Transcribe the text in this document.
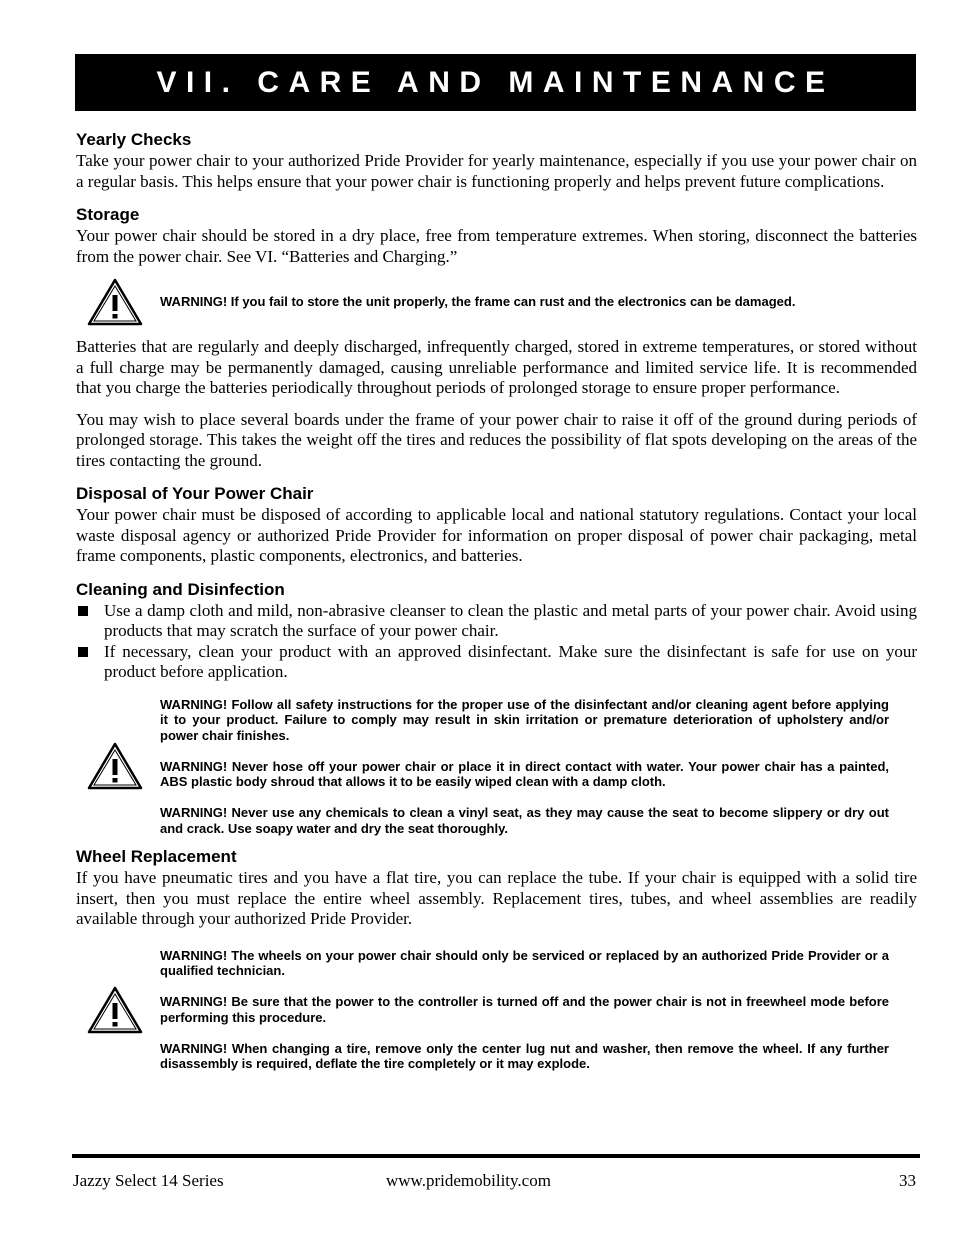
VII. CARE AND MAINTENANCE
Yearly Checks

Take your power chair to your authorized Pride Provider for yearly maintenance, especially if you use your power chair on a regular basis. This helps ensure that your power chair is functioning properly and helps prevent future complications.

Storage

Your power chair should be stored in a dry place, free from temperature extremes. When storing, disconnect the batteries from the power chair. See VI. “Batteries and Charging.”

WARNING! If you fail to store the unit properly, the frame can rust and the electronics can be damaged.

Batteries that are regularly and deeply discharged, infrequently charged, stored in extreme temperatures, or stored without a full charge may be permanently damaged, causing unreliable performance and limited service life. It is recommended that you charge the batteries periodically throughout periods of prolonged storage to ensure proper performance.

You may wish to place several boards under the frame of your power chair to raise it off of the ground during periods of prolonged storage. This takes the weight off the tires and reduces the possibility of flat spots developing on the areas of the tires contacting the ground.

Disposal of Your Power Chair

Your power chair must be disposed of according to applicable local and national statutory regulations. Contact your local waste disposal agency or authorized Pride Provider for information on proper disposal of power chair packaging, metal frame components, plastic components, electronics, and batteries.

Cleaning and Disinfection
Use a damp cloth and mild, non-abrasive cleanser to clean the plastic and metal parts of your power chair. Avoid using products that may scratch the surface of your power chair.
If necessary, clean your product with an approved disinfectant. Make sure the disinfectant is safe for use on your product before application.

WARNING! Follow all safety instructions for the proper use of the disinfectant and/or cleaning agent before applying it to your product. Failure to comply may result in skin irritation or premature deterioration of upholstery and/or power chair finishes.

WARNING! Never hose off your power chair or place it in direct contact with water. Your power chair has a painted, ABS plastic body shroud that allows it to be easily wiped clean with a damp cloth.

WARNING! Never use any chemicals to clean a vinyl seat, as they may cause the seat to become slippery or dry out and crack. Use soapy water and dry the seat thoroughly.

Wheel Replacement

If you have pneumatic tires and you have a flat tire, you can replace the tube. If your chair is equipped with a solid tire insert, then you must replace the entire wheel assembly. Replacement tires, tubes, and wheel assemblies are readily available through your authorized Pride Provider.

WARNING! The wheels on your power chair should only be serviced or replaced by an authorized Pride Provider or a qualified technician.

WARNING! Be sure that the power to the controller is turned off and the power chair is not in freewheel mode before performing this procedure.

WARNING! When changing a tire, remove only the center lug nut and washer, then remove the wheel. If any further disassembly is required, deflate the tire completely or it may explode.

Jazzy Select 14 Series	www.pridemobility.com	33
